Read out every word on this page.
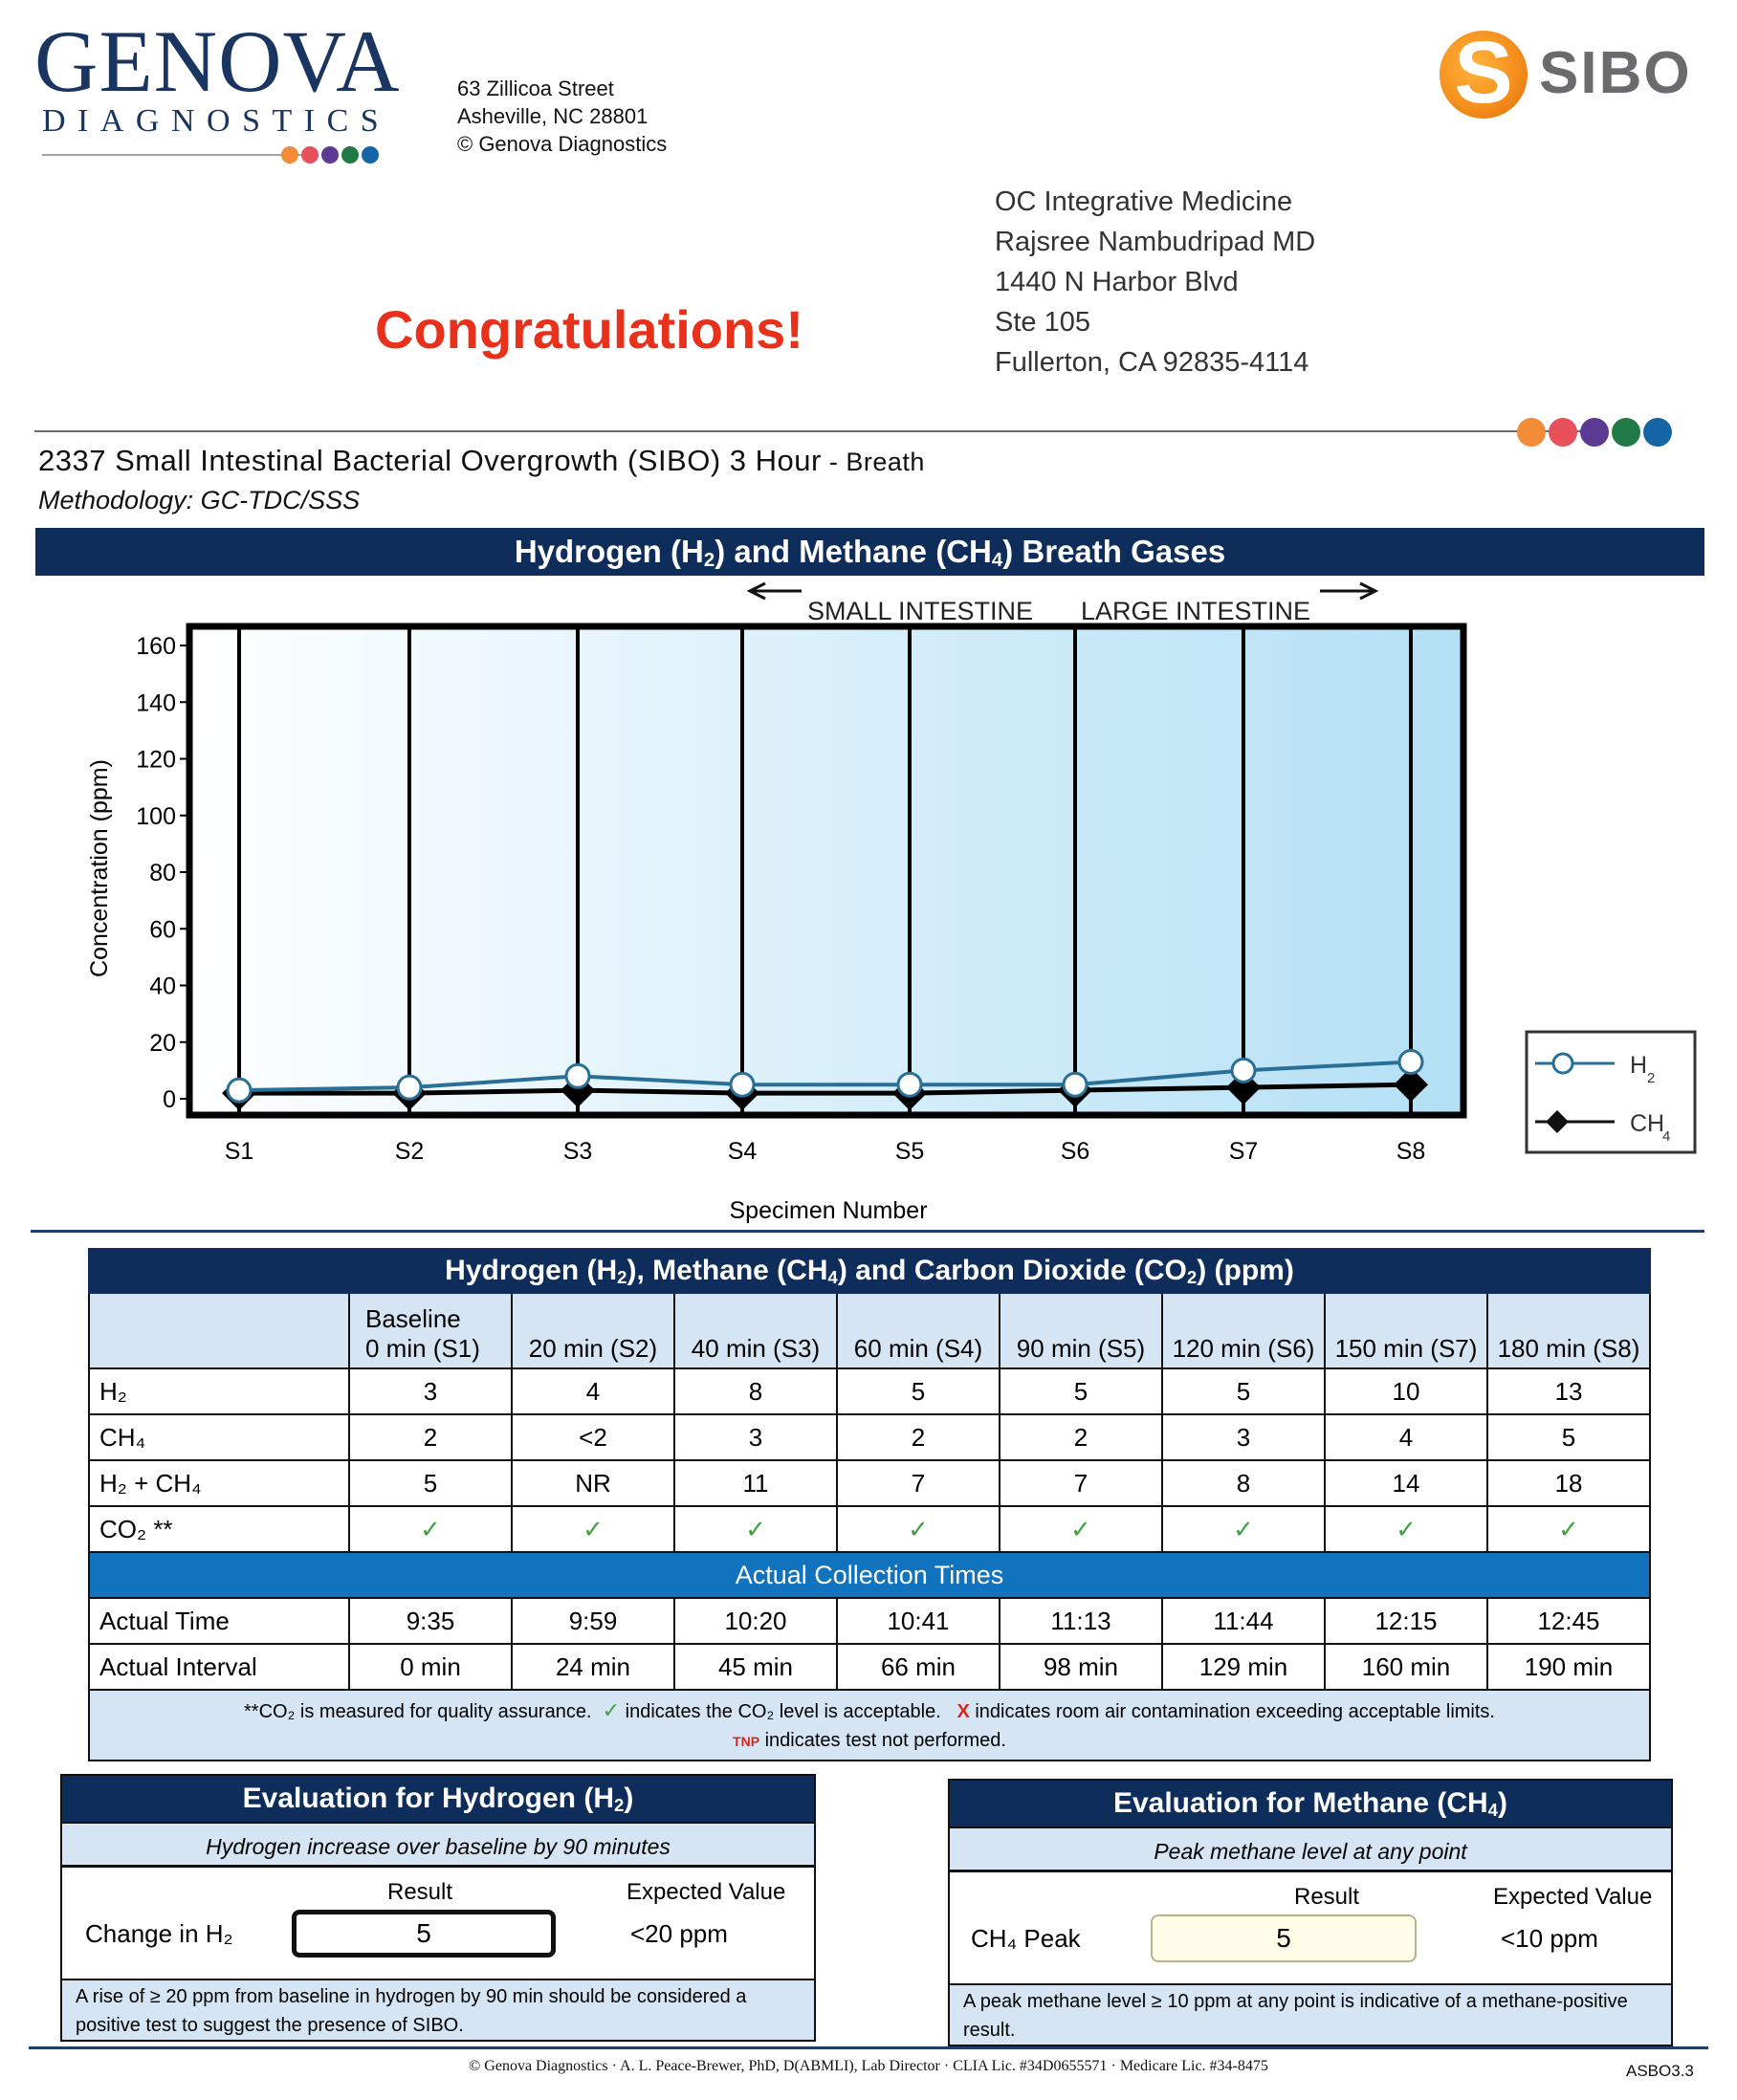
GENOVA
DIAGNOSTICS
63 Zillicoa Street
Asheville, NC 28801
© Genova Diagnostics
S SIBO
Congratulations!
OC Integrative Medicine
Rajsree Nambudripad MD
1440 N Harbor Blvd
Ste 105
Fullerton, CA 92835-4114
2337 Small Intestinal Bacterial Overgrowth (SIBO) 3 Hour - Breath
Methodology: GC-TDC/SSS
Hydrogen $(H_2)$ and Methane $(CH_4)$ Breath Gases
SMALL INTESTINE LARGE INTESTINE
0
20
40
60
80
100
120
140
160
Concentration (ppm)
S1	S2	S3	S4	S5	S6	S7	S8
Specimen Number
H 2
CH
4
Hydrogen $(H_2)$, Methane $(CH_4)$ and Carbon Dioxide $(CO_2)$ (ppm)

	Baseline
0 min (S1)	20 min (S2)	40 min (S3)	60 min (S4)	90 min (S5)	120 min (S6)	150 min (S7)	180 min (S8)

H₂	3	4	8	5	5	5	10	13
CH₄	2	<2	3	2	2	3	4	5
H₂ + CH₄	5	NR	11	7	7	8	14	18
CO₂ **	✓	✓	✓	✓	✓	✓	✓	✓
Actual Collection Times
Actual Time	9:35	9:59	10:20	10:41	11:13	11:44	12:15	12:45
Actual Interval	0 min	24 min	45 min	66 min	98 min	129 min	160 min	190 min
**CO₂ is measured for quality assurance. ✓ indicates the CO₂ level is acceptable. X indicates room air contamination exceeding acceptable limits.
TNP indicates test not performed.
Evaluation for Hydrogen $(H_2)$
Hydrogen increase over baseline by 90 minutes
Result	Expected Value
Change in H₂	5	<20 ppm
A rise of ≥ 20 ppm from baseline in hydrogen by 90 min should be considered a positive test to suggest the presence of SIBO.
Evaluation for Methane $(CH_4)$
Peak methane level at any point
Result	Expected Value
CH₄ Peak	5	<10 ppm
A peak methane level ≥ 10 ppm at any point is indicative of a methane-positive result.
© Genova Diagnostics · A. L. Peace-Brewer, PhD, D(ABMLI), Lab Director · CLIA Lic. #34D0655571 · Medicare Lic. #34-8475	ASBO3.3
